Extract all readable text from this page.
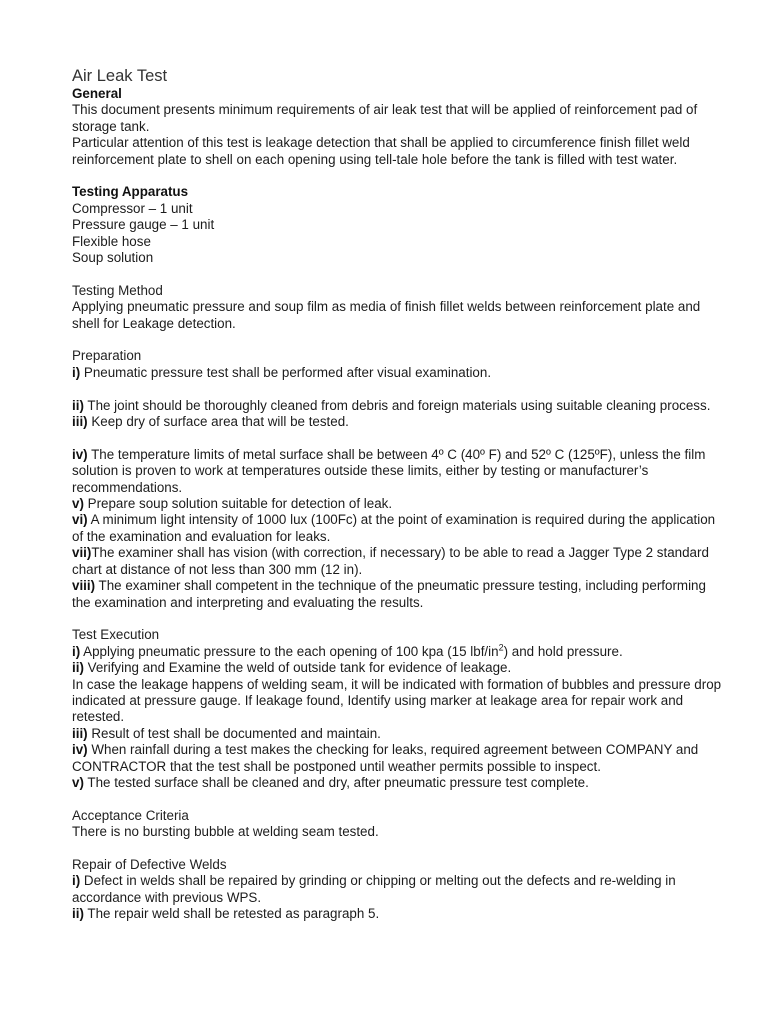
Air Leak Test

General

This document presents minimum requirements of air leak test that will be applied of reinforcement pad of storage tank.

Particular attention of this test is leakage detection that shall be applied to circumference finish fillet weld reinforcement plate to shell on each opening using tell-tale hole before the tank is filled with test water.

Testing Apparatus

Compressor – 1 unit

Pressure gauge – 1 unit

Flexible hose

Soup solution

Testing Method

Applying pneumatic pressure and soup film as media of finish fillet welds between reinforcement plate and shell for Leakage detection.

Preparation

i) Pneumatic pressure test shall be performed after visual examination.

ii) The joint should be thoroughly cleaned from debris and foreign materials using suitable cleaning process.

iii) Keep dry of surface area that will be tested.

iv) The temperature limits of metal surface shall be between 4º C (40º F) and 52º C (125ºF), unless the film solution is proven to work at temperatures outside these limits, either by testing or manufacturer’s recommendations.

v) Prepare soup solution suitable for detection of leak.

vi) A minimum light intensity of 1000 lux (100Fc) at the point of examination is required during the application of the examination and evaluation for leaks.

vii)The examiner shall has vision (with correction, if necessary) to be able to read a Jagger Type 2 standard chart at distance of not less than 300 mm (12 in).

viii) The examiner shall competent in the technique of the pneumatic pressure testing, including performing the examination and interpreting and evaluating the results.

Test Execution

i) Applying pneumatic pressure to the each opening of 100 kpa (15 lbf/$in^2$) and hold pressure.

ii) Verifying and Examine the weld of outside tank for evidence of leakage.

In case the leakage happens of welding seam, it will be indicated with formation of bubbles and pressure drop indicated at pressure gauge. If leakage found, Identify using marker at leakage area for repair work and retested.

iii) Result of test shall be documented and maintain.

iv) When rainfall during a test makes the checking for leaks, required agreement between COMPANY and CONTRACTOR that the test shall be postponed until weather permits possible to inspect.

v) The tested surface shall be cleaned and dry, after pneumatic pressure test complete.

Acceptance Criteria

There is no bursting bubble at welding seam tested.

Repair of Defective Welds

i) Defect in welds shall be repaired by grinding or chipping or melting out the defects and re-welding in accordance with previous WPS.

ii) The repair weld shall be retested as paragraph 5.
